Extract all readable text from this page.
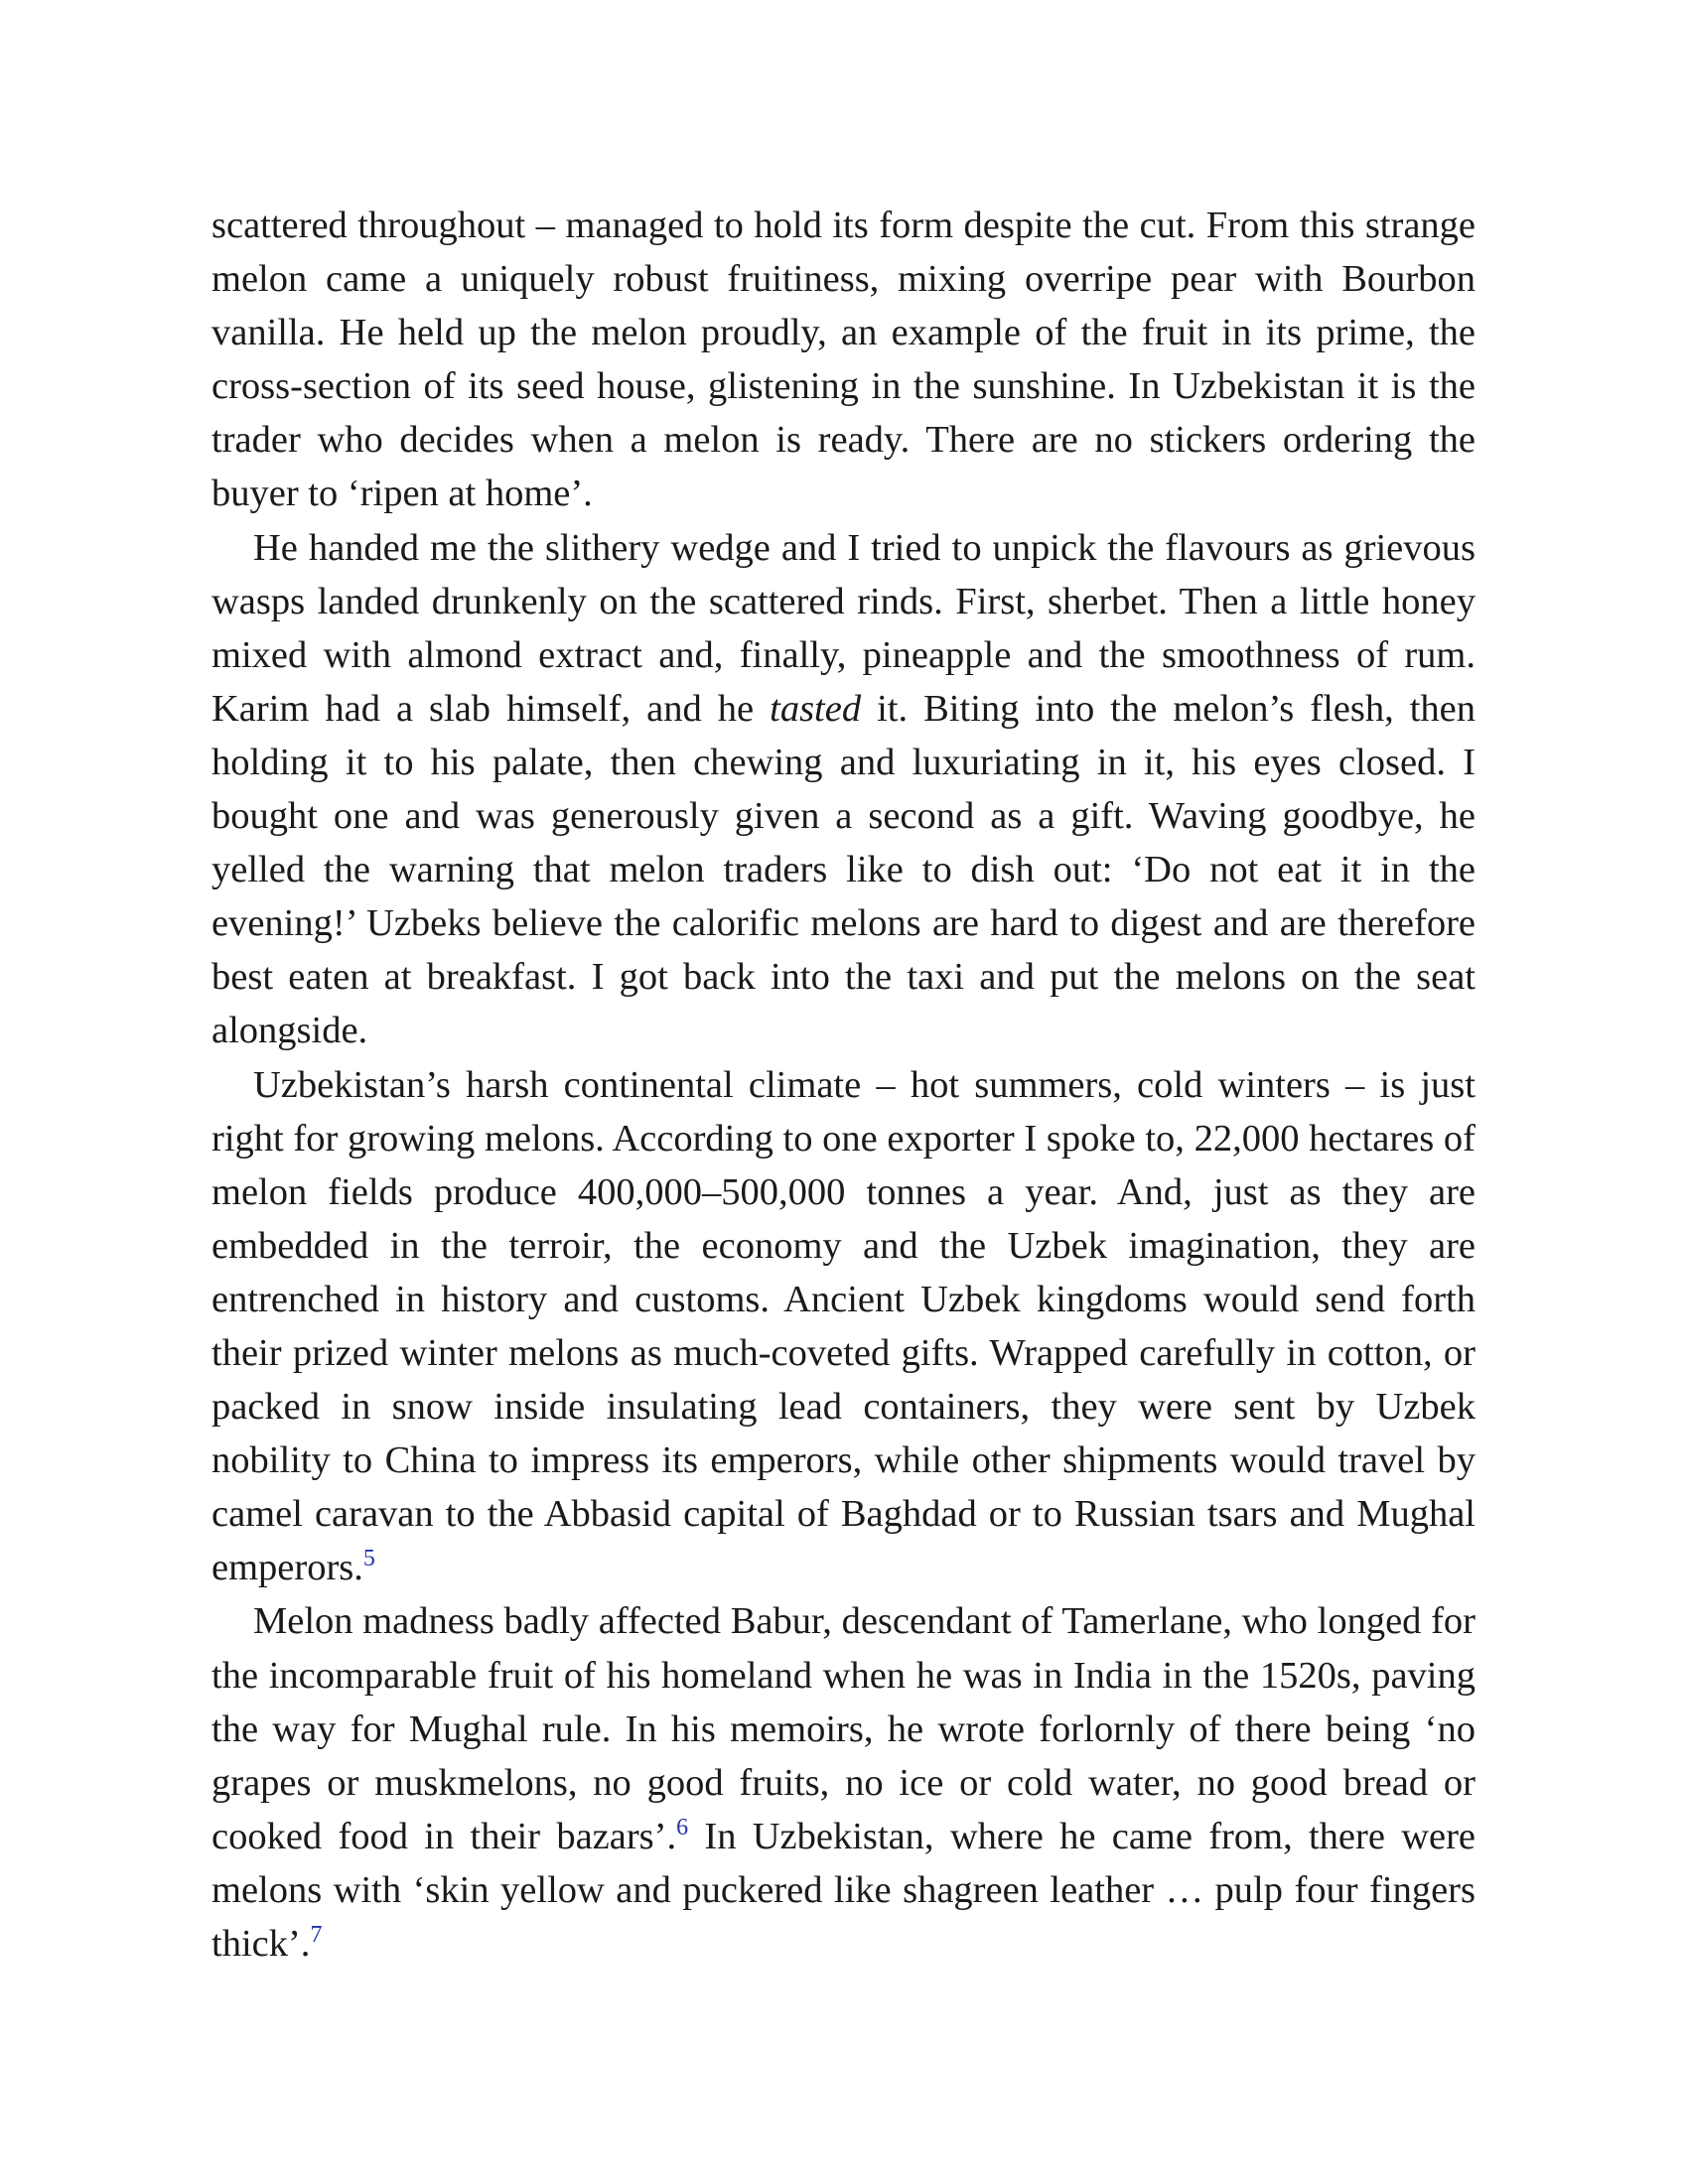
scattered throughout – managed to hold its form despite the cut. From this strange melon came a uniquely robust fruitiness, mixing overripe pear with Bourbon vanilla. He held up the melon proudly, an example of the fruit in its prime, the cross-section of its seed house, glistening in the sunshine. In Uzbekistan it is the trader who decides when a melon is ready. There are no stickers ordering the buyer to ‘ripen at home’.

He handed me the slithery wedge and I tried to unpick the flavours as grievous wasps landed drunkenly on the scattered rinds. First, sherbet. Then a little honey mixed with almond extract and, finally, pineapple and the smoothness of rum. Karim had a slab himself, and he tasted it. Biting into the melon’s flesh, then holding it to his palate, then chewing and luxuriating in it, his eyes closed. I bought one and was generously given a second as a gift. Waving goodbye, he yelled the warning that melon traders like to dish out: ‘Do not eat it in the evening!’ Uzbeks believe the calorific melons are hard to digest and are therefore best eaten at breakfast. I got back into the taxi and put the melons on the seat alongside.

Uzbekistan’s harsh continental climate – hot summers, cold winters – is just right for growing melons. According to one exporter I spoke to, 22,000 hectares of melon fields produce 400,000–500,000 tonnes a year. And, just as they are embedded in the terroir, the economy and the Uzbek imagination, they are entrenched in history and customs. Ancient Uzbek kingdoms would send forth their prized winter melons as much-coveted gifts. Wrapped carefully in cotton, or packed in snow inside insulating lead containers, they were sent by Uzbek nobility to China to impress its emperors, while other shipments would travel by camel caravan to the Abbasid capital of Baghdad or to Russian tsars and Mughal emperors.$^5$

Melon madness badly affected Babur, descendant of Tamerlane, who longed for the incomparable fruit of his homeland when he was in India in the 1520s, paving the way for Mughal rule. In his memoirs, he wrote forlornly of there being ‘no grapes or muskmelons, no good fruits, no ice or cold water, no good bread or cooked food in their bazars’.$^6$ In Uzbekistan, where he came from, there were melons with ‘skin yellow and puckered like shagreen leather … pulp four fingers thick’.$^7$
